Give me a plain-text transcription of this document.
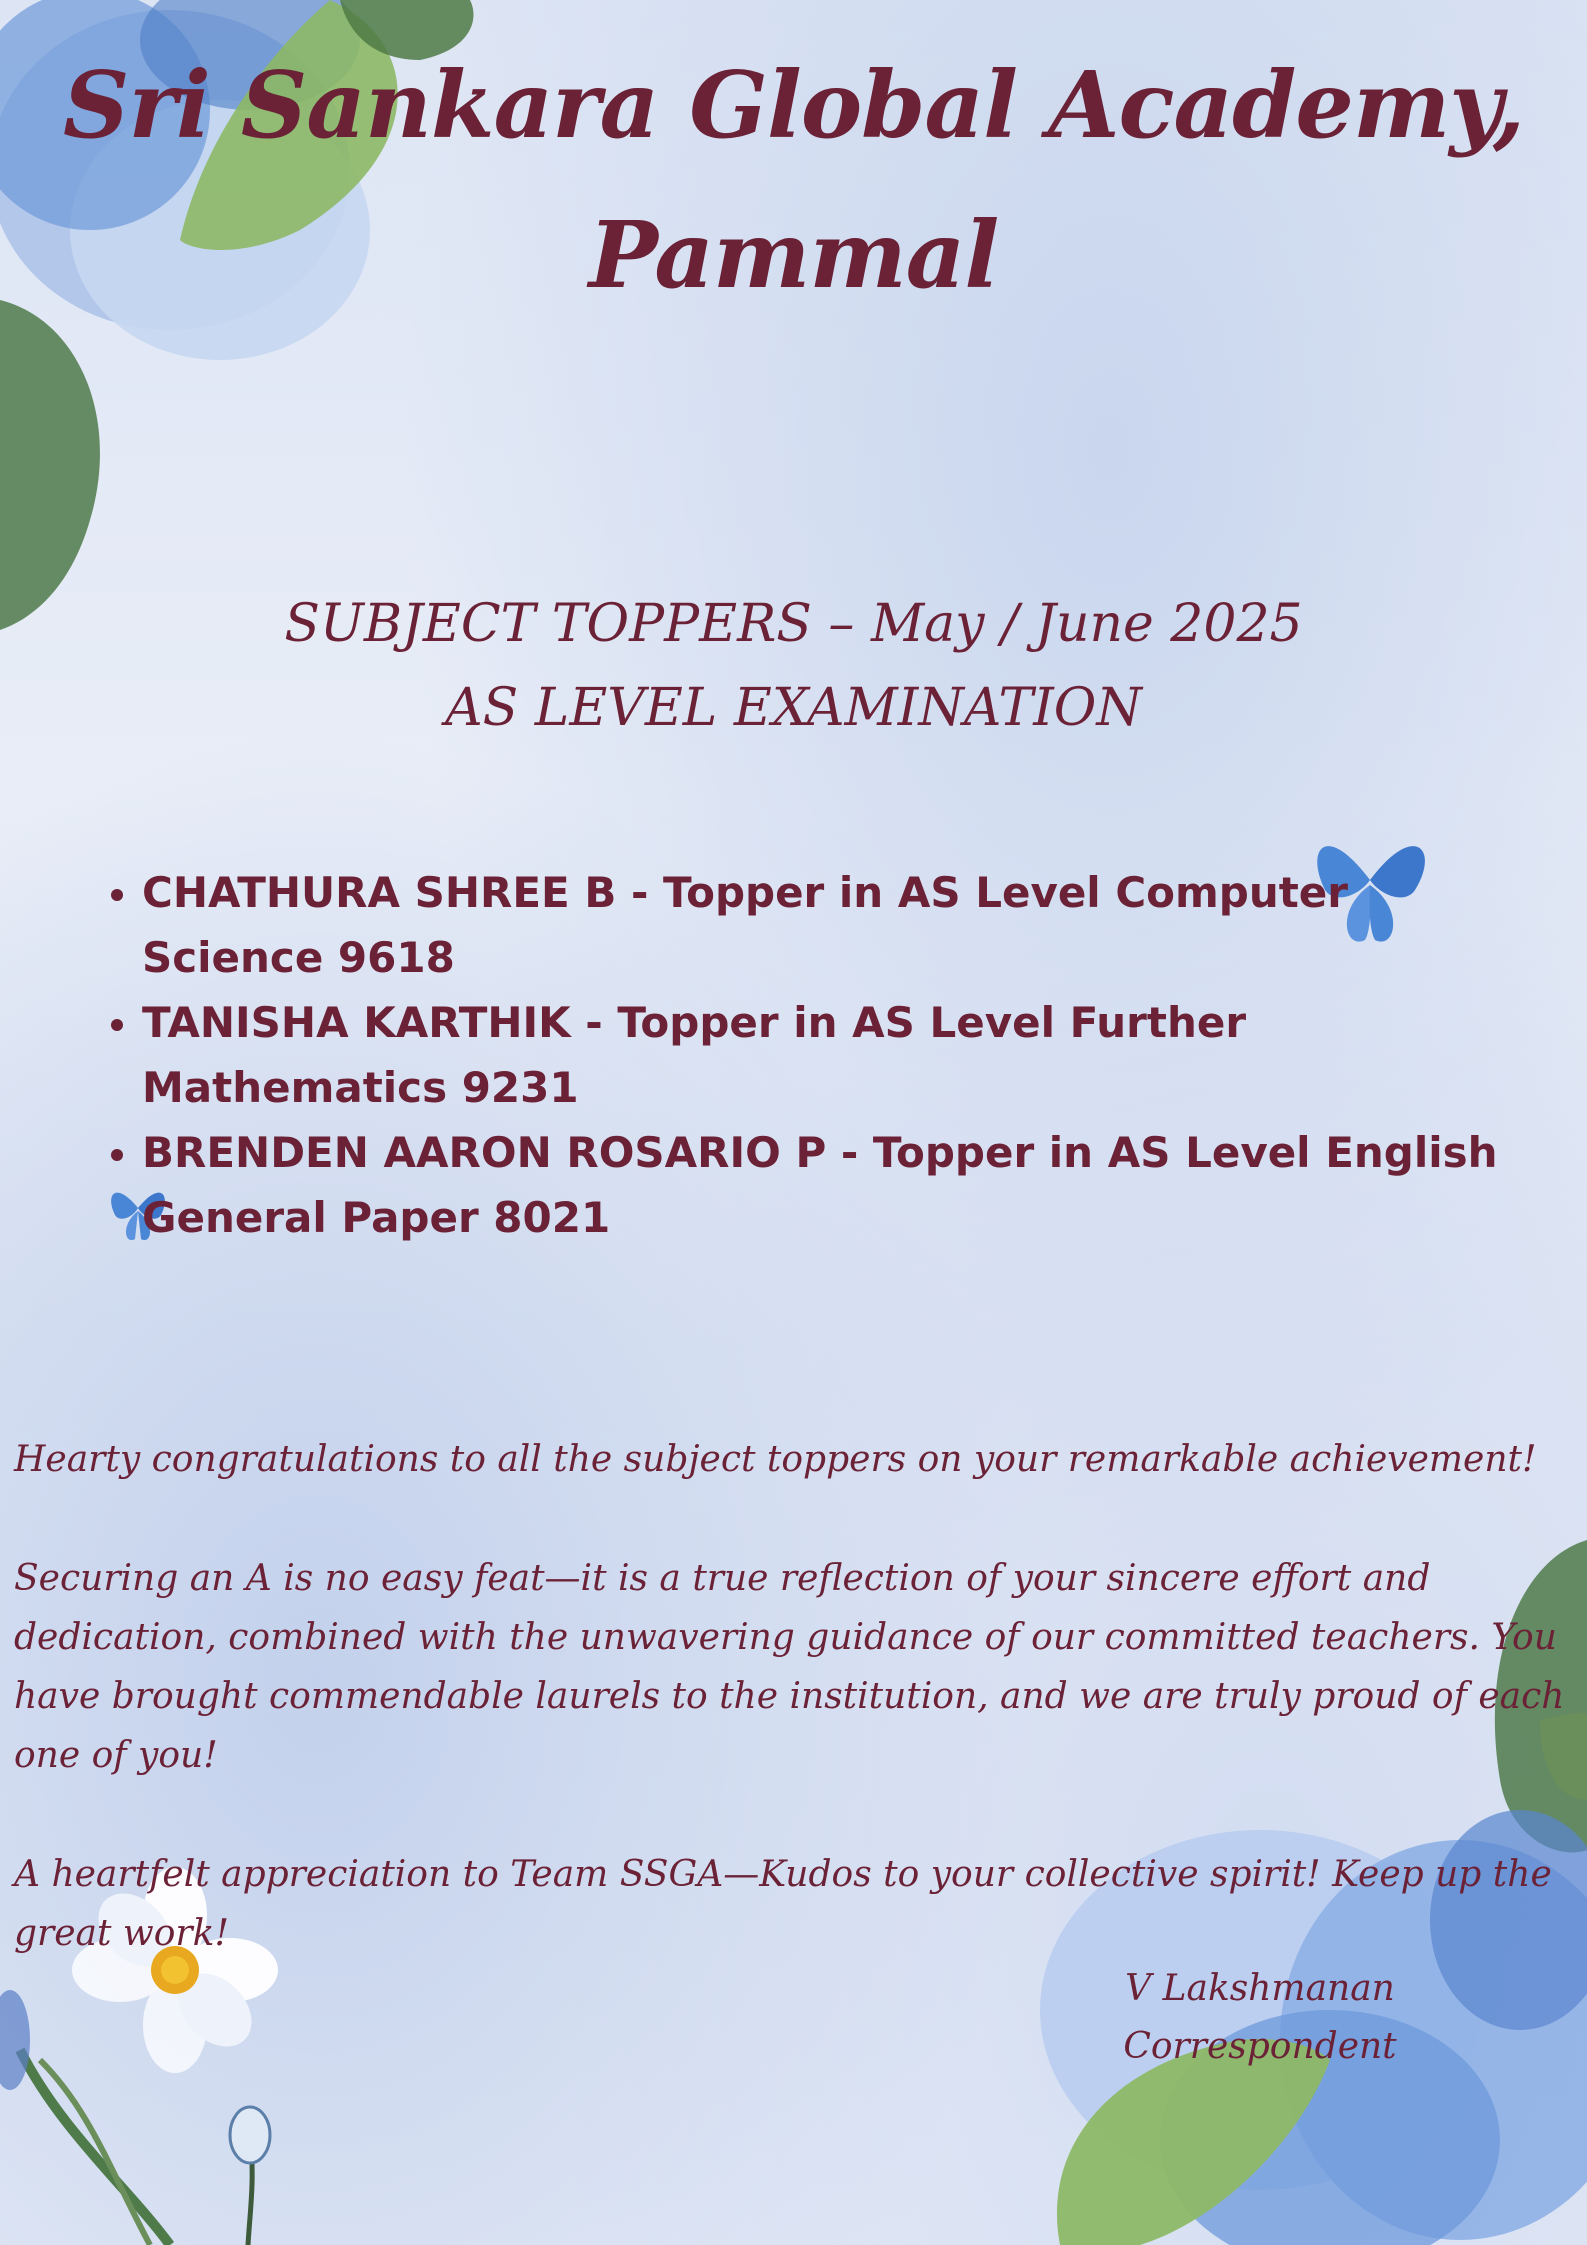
Sri Sankara Global Academy,
Pammal
SUBJECT TOPPERS – May / June 2025
AS LEVEL EXAMINATION
• CHATHURA SHREE B - Topper in AS Level Computer Science 9618
• TANISHA KARTHIK - Topper in AS Level Further Mathematics 9231
• BRENDEN AARON ROSARIO P - Topper in AS Level English General Paper 8021

Hearty congratulations to all the subject toppers on your remarkable achievement!

Securing an A is no easy feat—it is a true reflection of your sincere effort and dedication, combined with the unwavering guidance of our committed teachers. You have brought commendable laurels to the institution, and we are truly proud of each one of you!

A heartfelt appreciation to Team SSGA—Kudos to your collective spirit! Keep up the great work!

V Lakshmanan
Correspondent
